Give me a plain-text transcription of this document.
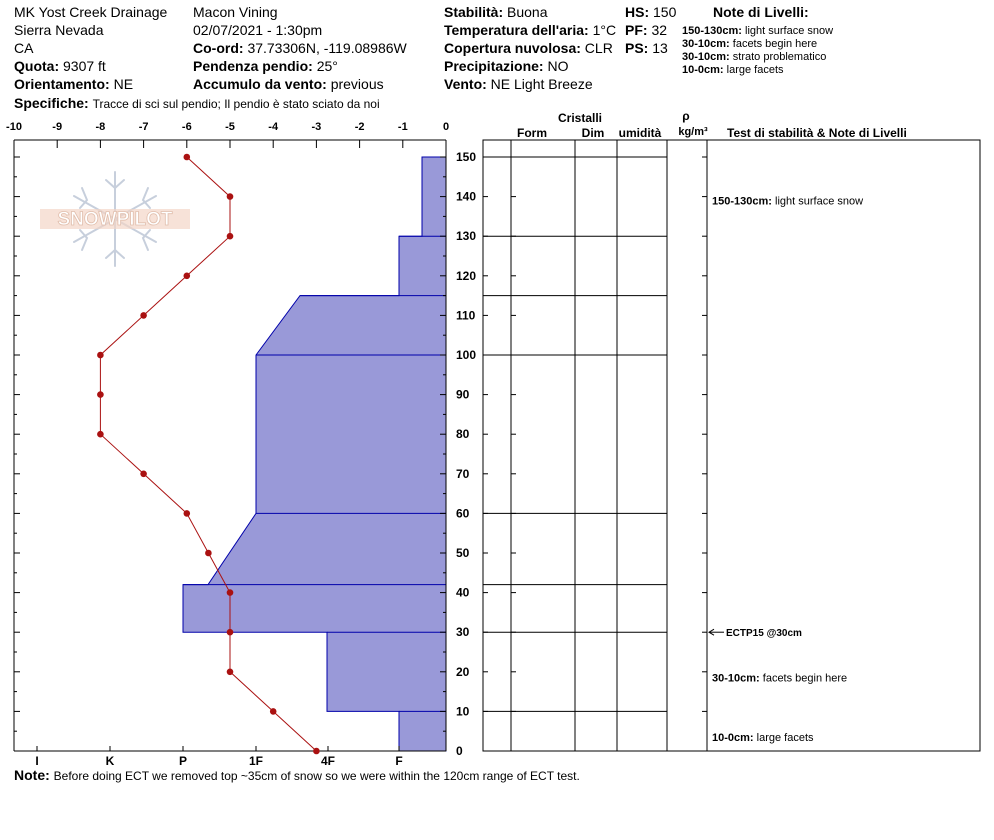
MK Yost Creek Drainage
Sierra Nevada
CA
Quota: 9307 ft
Orientamento: NE
Specifiche: Tracce di sci sul pendio; Il pendio è stato sciato da noi
Macon Vining
02/07/2021 - 1:30pm
Co-ord: 37.73306N, -119.08986W
Pendenza pendio: 25°
Accumulo da vento: previous
Stabilità: Buona
Temperatura dell'aria: 1°C
Copertura nuvolosa: CLR
Precipitazione: NO
Vento: NE Light Breeze
HS: 150
PF: 32
PS: 13
Note di Livelli:
150-130cm: light surface snow
30-10cm: facets begin here
30-10cm: strato problematico
10-0cm: large facets
SNOWPILOT
-10	-9	-8	-7	-6	-5	-4	-3	-2	-1	0
150
140
130
120
110
100
90
80
70
60
50
40
30
20
10
0
I	K	P	1F	4F	F
ECTP15 @30cm
150-130cm: light surface snow
30-10cm: facets begin here
10-0cm: large facets
Cristalli
Form	Dim umidità
ρ
kg/m³ Test di stabilità & Note di Livelli
Note: Before doing ECT we removed top ~35cm of snow so we were within the 120cm range of ECT test.
